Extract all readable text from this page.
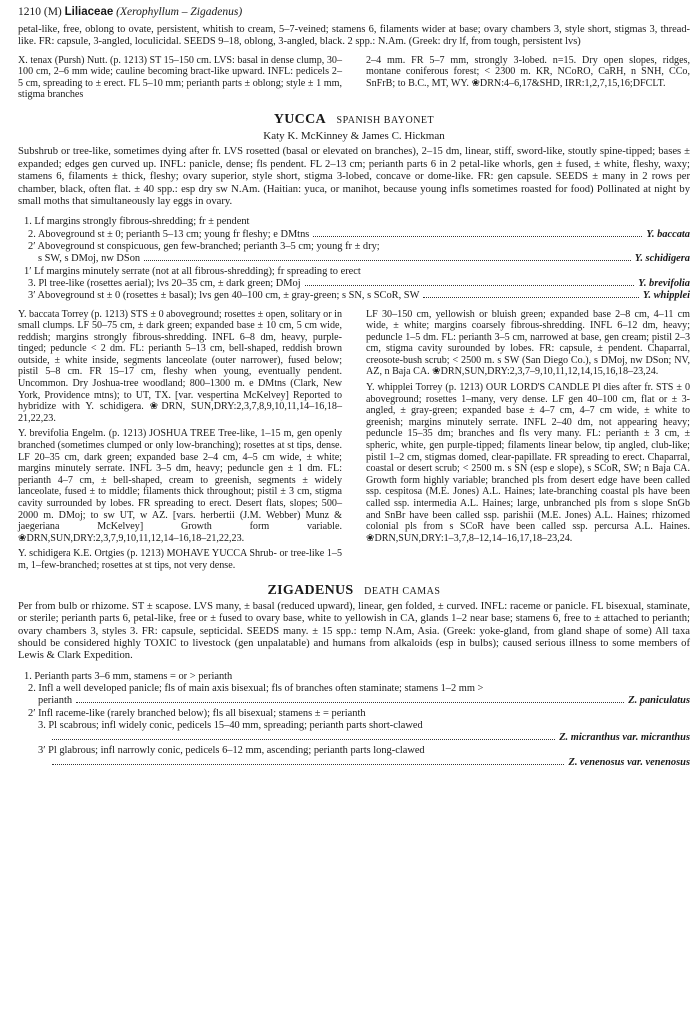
1210 (M) Liliaceae (Xerophyllum – Zigadenus)

petal-like, free, oblong to ovate, persistent, whitish to cream, 5–7-veined; stamens 6, filaments wider at base; ovary chambers 3, style short, stigmas 3, thread-like. FR: capsule, 3-angled, loculicidal. SEEDS 9–18, oblong, 3-angled, black. 2 spp.: N.Am. (Greek: dry lf, from tough, persistent lvs)

X. tenax (Pursh) Nutt. (p. 1213) ST 15–150 cm. LVS: basal in dense clump, 30–100 cm, 2–6 mm wide; cauline becoming bract-like upward. INFL: pedicels 2–5 cm, spreading to ± erect. FL 5–10 mm; perianth parts ± oblong; style ± 1 mm, stigma branches

2–4 mm. FR 5–7 mm, strongly 3-lobed. n=15. Dry open slopes, ridges, montane coniferous forest; < 2300 m. KR, NCoRO, CaRH, n SNH, CCo, SnFrB; to B.C., MT, WY. ❀DRN:4–6,17&SHD, IRR:1,2,7,15,16;DFCLT.

YUCCA SPANISH BAYONET
Katy K. McKinney & James C. Hickman

Subshrub or tree-like, sometimes dying after fr. LVS rosetted (basal or elevated on branches), 2–15 dm, linear, stiff, sword-like, stoutly spine-tipped; bases ± expanded; edges gen curved up. INFL: panicle, dense; fls pendent. FL 2–13 cm; perianth parts 6 in 2 petal-like whorls, gen ± fused, ± white, fleshy, waxy; stamens 6, filaments ± thick, fleshy; ovary superior, style short, stigma 3-lobed, concave or dome-like. FR: gen capsule. SEEDS ± many in 2 rows per chamber, black, often flat. ± 40 spp.: esp dry sw N.Am. (Haitian: yuca, or manihot, because young infls sometimes roasted for food) Pollinated at night by small moths that simultaneously lay eggs in ovary.

1. Lf margins strongly fibrous-shredding; fr ± pendent
2. Aboveground st ± 0; perianth 5–13 cm; young fr fleshy; e DMtns	Y. baccata
2′ Aboveground st conspicuous, gen few-branched; perianth 3–5 cm; young fr ± dry;
s SW, s DMoj, nw DSon	Y. schidigera
1′ Lf margins minutely serrate (not at all fibrous-shredding); fr spreading to erect
3. Pl tree-like (rosettes aerial); lvs 20–35 cm, ± dark green; DMoj	Y. brevifolia
3′ Aboveground st ± 0 (rosettes ± basal); lvs gen 40–100 cm, ± gray-green; s SN, s SCoR, SW	Y. whipplei

Y. baccata Torrey (p. 1213) STS ± 0 aboveground; rosettes ± open, solitary or in small clumps. LF 50–75 cm, ± dark green; expanded base ± 10 cm, 5 cm wide, reddish; margins strongly fibrous-shredding. INFL 6–8 dm, heavy, purple-tinged; peduncle < 2 dm. FL: perianth 5–13 cm, bell-shaped, reddish brown outside, ± white inside, segments lanceolate (outer narrower), fused below; pistil 5–8 cm. FR 15–17 cm, fleshy when young, eventually pendent. Uncommon. Dry Joshua-tree woodland; 800–1300 m. e DMtns (Clark, New York, Providence mtns); to UT, TX. [var. vespertina McKelvey] Reported to hybridize with Y. schidigera. ❀DRN, SUN,DRY:2,3,7,8,9,10,11,14–16,18–21,22,23.

Y. brevifolia Engelm. (p. 1213) JOSHUA TREE Tree-like, 1–15 m, gen openly branched (sometimes clumped or only low-branching); rosettes at st tips, dense. LF 20–35 cm, dark green; expanded base 2–4 cm, 4–5 cm wide, ± white; margins minutely serrate. INFL 3–5 dm, heavy; peduncle gen ± 1 dm. FL: perianth 4–7 cm, ± bell-shaped, cream to greenish, segments ± widely lanceolate, fused ± to middle; filaments thick throughout; pistil ± 3 cm, stigma cavity surrounded by lobes. FR spreading to erect. Desert flats, slopes; 500–2000 m. DMoj; to sw UT, w AZ. [vars. herbertii (J.M. Webber) Munz & jaegeriana McKelvey] Growth form variable. ❀DRN,SUN,DRY:2,3,7,9,10,11,12,14–16,18–21,22,23.

Y. schidigera K.E. Ortgies (p. 1213) MOHAVE YUCCA Shrub- or tree-like 1–5 m, 1–few-branched; rosettes at st tips, not very dense.

LF 30–150 cm, yellowish or bluish green; expanded base 2–8 cm, 4–11 cm wide, ± white; margins coarsely fibrous-shredding. INFL 6–12 dm, heavy; peduncle 1–5 dm. FL: perianth 3–5 cm, narrowed at base, gen cream; pistil 2–3 cm, stigma cavity surounded by lobes. FR: capsule, ± pendent. Chaparral, creosote-bush scrub; < 2500 m. s SW (San Diego Co.), s DMoj, nw DSon; NV, AZ, n Baja CA. ❀DRN,SUN,DRY:2,3,7–9,10,11,12,14,15,16,18–23,24.

Y. whipplei Torrey (p. 1213) OUR LORD'S CANDLE Pl dies after fr. STS ± 0 aboveground; rosettes 1–many, very dense. LF gen 40–100 cm, flat or ± 3-angled, ± gray-green; expanded base ± 4–7 cm, 4–7 cm wide, ± white to greenish; margins minutely serrate. INFL 2–40 dm, not appearing heavy; peduncle 15–35 dm; branches and fls very many. FL: perianth ± 3 cm, ± spheric, white, gen purple-tipped; filaments linear below, tip angled, club-like; pistil 1–2 cm, stigmas domed, clear-papillate. FR spreading to erect. Chaparral, coastal or desert scrub; < 2500 m. s SN (esp e slope), s SCoR, SW; n Baja CA. Growth form highly variable; branched pls from desert edge have been called ssp. cespitosa (M.E. Jones) A.L. Haines; late-branching coastal pls have been called ssp. intermedia A.L. Haines; large, unbranched pls from s slope SnGb and SnBr have been called ssp. parishii (M.E. Jones) A.L. Haines; rhizomed colonial pls from s SCoR have been called ssp. percursa A.L. Haines. ❀DRN,SUN,DRY:1–3,7,8–12,14–16,17,18–23,24.

ZIGADENUS DEATH CAMAS

Per from bulb or rhizome. ST ± scapose. LVS many, ± basal (reduced upward), linear, gen folded, ± curved. INFL: raceme or panicle. FL bisexual, staminate, or sterile; perianth parts 6, petal-like, free or ± fused to ovary base, white to yellowish in CA, glands 1–2 near base; stamens 6, free to ± attached to perianth; ovary chambers 3, styles 3. FR: capsule, septicidal. SEEDS many. ± 15 spp.: temp N.Am, Asia. (Greek: yoke-gland, from gland shape of some) All taxa should be considered highly TOXIC to livestock (gen unpalatable) and humans from alkaloids (esp in bulbs); caused serious illness to some members of Lewis & Clark Expedition.

1. Perianth parts 3–6 mm, stamens = or > perianth
2. Infl a well developed panicle; fls of main axis bisexual; fls of branches often staminate; stamens 1–2 mm >
perianth	Z. paniculatus
2′ Infl raceme-like (rarely branched below); fls all bisexual; stamens ± = perianth
3. Pl scabrous; infl widely conic, pedicels 15–40 mm, spreading; perianth parts short-clawed
Z. micranthus var. micranthus
3′ Pl glabrous; infl narrowly conic, pedicels 6–12 mm, ascending; perianth parts long-clawed
Z. venenosus var. venenosus
